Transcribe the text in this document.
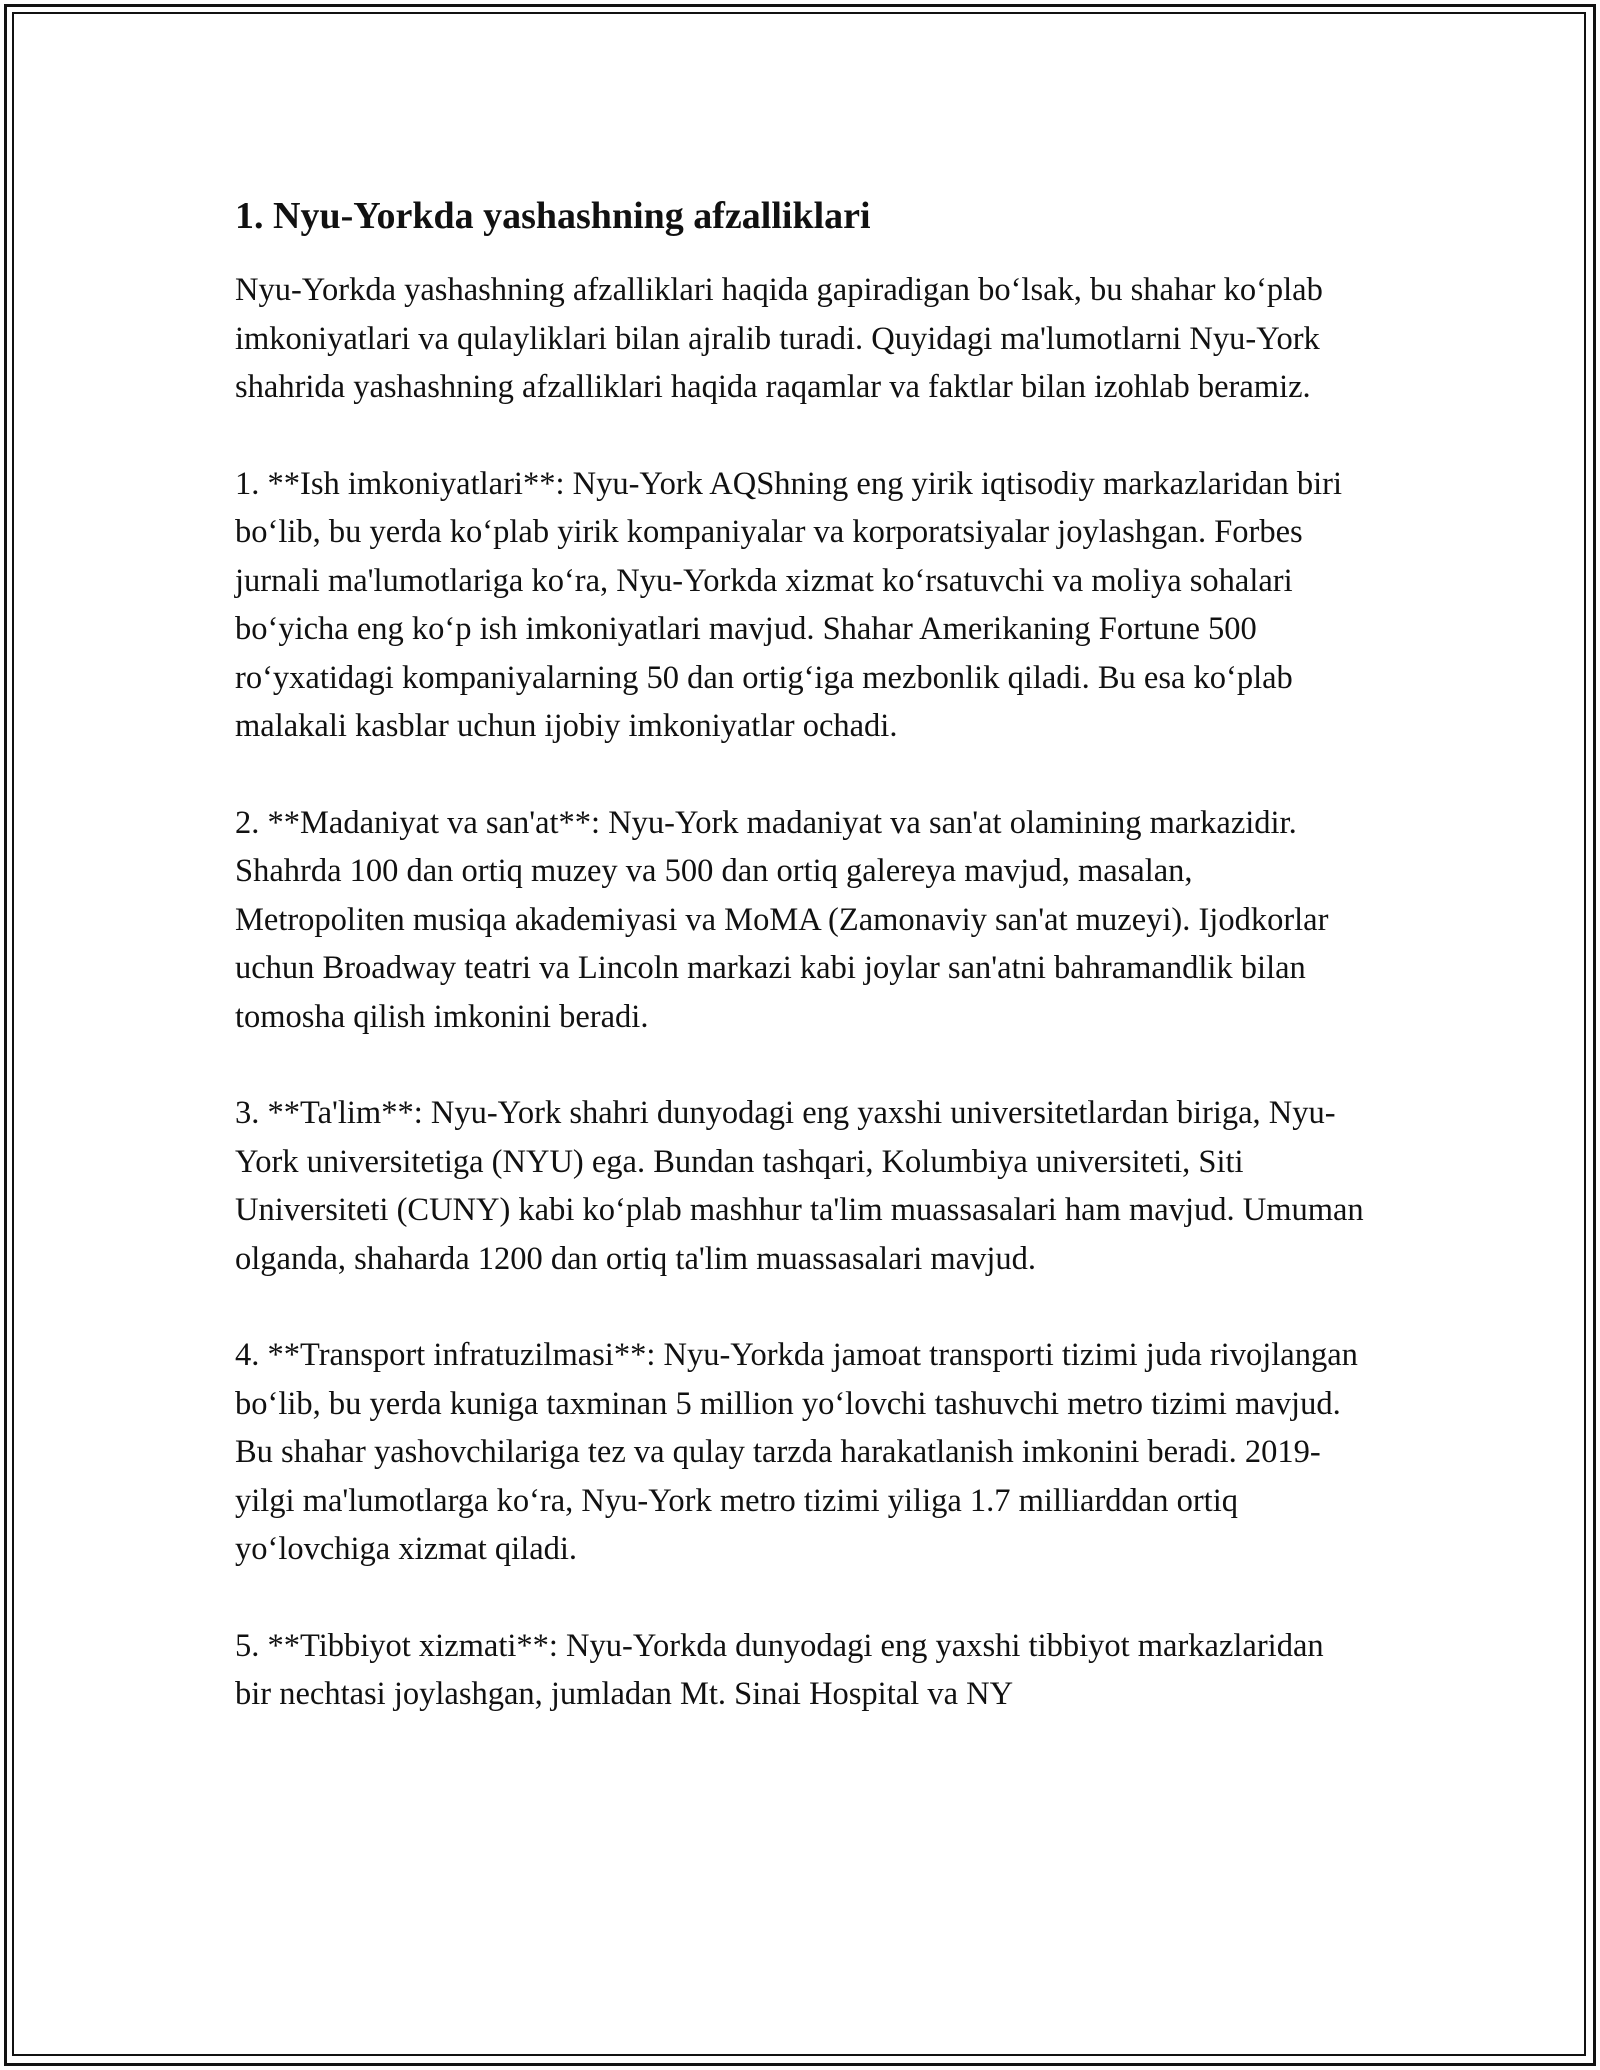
1. Nyu-Yorkda yashashning afzalliklari

Nyu-Yorkda yashashning afzalliklari haqida gapiradigan boʻlsak, bu shahar koʻplab imkoniyatlari va qulayliklari bilan ajralib turadi. Quyidagi ma'lumotlarni Nyu-York shahrida yashashning afzalliklari haqida raqamlar va faktlar bilan izohlab beramiz.

1. **Ish imkoniyatlari**: Nyu-York AQShning eng yirik iqtisodiy markazlaridan biri boʻlib, bu yerda koʻplab yirik kompaniyalar va korporatsiyalar joylashgan. Forbes jurnali ma'lumotlariga koʻra, Nyu-Yorkda xizmat koʻrsatuvchi va moliya sohalari boʻyicha eng koʻp ish imkoniyatlari mavjud. Shahar Amerikaning Fortune 500 roʻyxatidagi kompaniyalarning 50 dan ortigʻiga mezbonlik qiladi. Bu esa koʻplab malakali kasblar uchun ijobiy imkoniyatlar ochadi.

2. **Madaniyat va san'at**: Nyu-York madaniyat va san'at olamining markazidir. Shahrda 100 dan ortiq muzey va 500 dan ortiq galereya mavjud, masalan, Metropoliten musiqa akademiyasi va MoMA (Zamonaviy san'at muzeyi). Ijodkorlar uchun Broadway teatri va Lincoln markazi kabi joylar san'atni bahramandlik bilan tomosha qilish imkonini beradi.

3. **Ta'lim**: Nyu-York shahri dunyodagi eng yaxshi universitetlardan biriga, Nyu-York universitetiga (NYU) ega. Bundan tashqari, Kolumbiya universiteti, Siti Universiteti (CUNY) kabi koʻplab mashhur ta'lim muassasalari ham mavjud. Umuman olganda, shaharda 1200 dan ortiq ta'lim muassasalari mavjud.

4. **Transport infratuzilmasi**: Nyu-Yorkda jamoat transporti tizimi juda rivojlangan boʻlib, bu yerda kuniga taxminan 5 million yoʻlovchi tashuvchi metro tizimi mavjud. Bu shahar yashovchilariga tez va qulay tarzda harakatlanish imkonini beradi. 2019-yilgi ma'lumotlarga koʻra, Nyu-York metro tizimi yiliga 1.7 milliarddan ortiq yoʻlovchiga xizmat qiladi.

5. **Tibbiyot xizmati**: Nyu-Yorkda dunyodagi eng yaxshi tibbiyot markazlaridan bir nechtasi joylashgan, jumladan Mt. Sinai Hospital va NY
